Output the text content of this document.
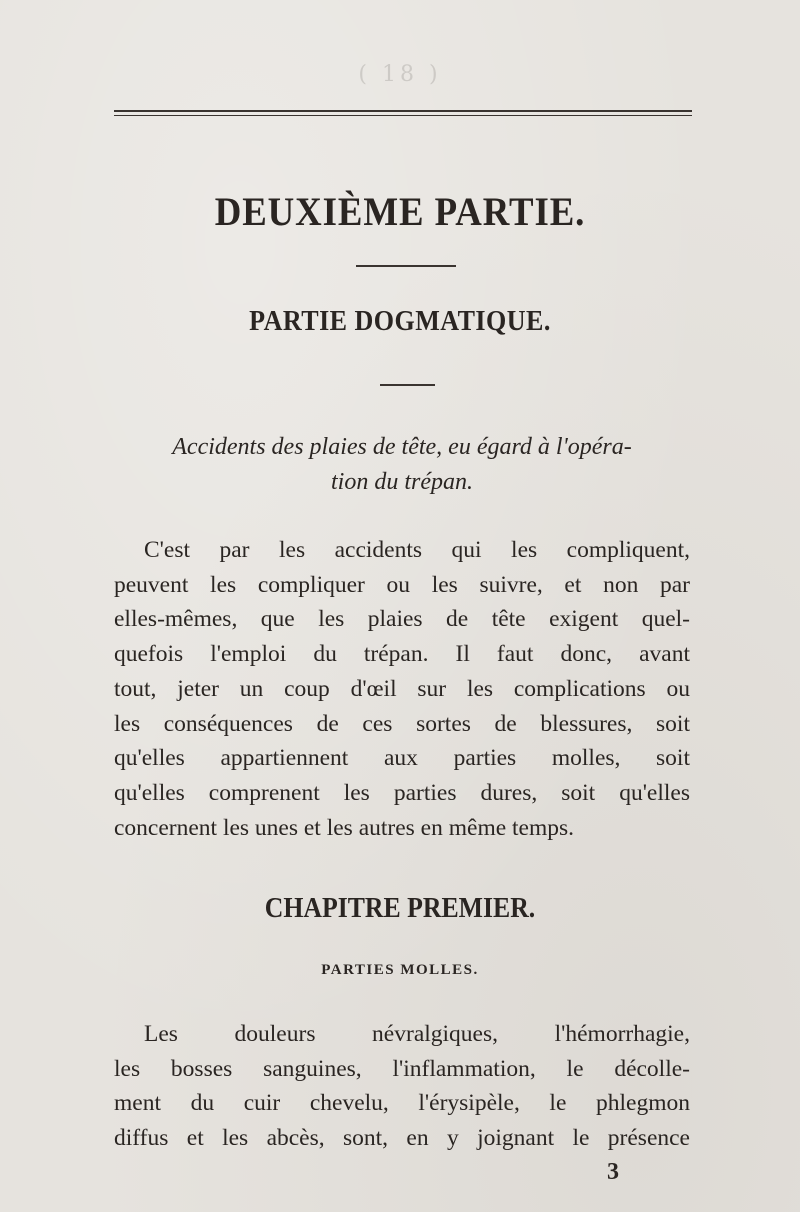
( 18 )
DEUXIÈME PARTIE.
PARTIE DOGMATIQUE.
Accidents des plaies de tête, eu égard à l'opéra-
tion du trépan.
C'est par les accidents qui les compliquent,
peuvent les compliquer ou les suivre, et non par
elles-mêmes, que les plaies de tête exigent quel-
quefois l'emploi du trépan. Il faut donc, avant
tout, jeter un coup d'œil sur les complications ou
les conséquences de ces sortes de blessures, soit
qu'elles appartiennent aux parties molles, soit
qu'elles comprenent les parties dures, soit qu'elles
concernent les unes et les autres en même temps.
CHAPITRE PREMIER.
PARTIES MOLLES.
Les douleurs névralgiques, l'hémorrhagie,
les bosses sanguines, l'inflammation, le décolle-
ment du cuir chevelu, l'érysipèle, le phlegmon
diffus et les abcès, sont, en y joignant le présence
3
